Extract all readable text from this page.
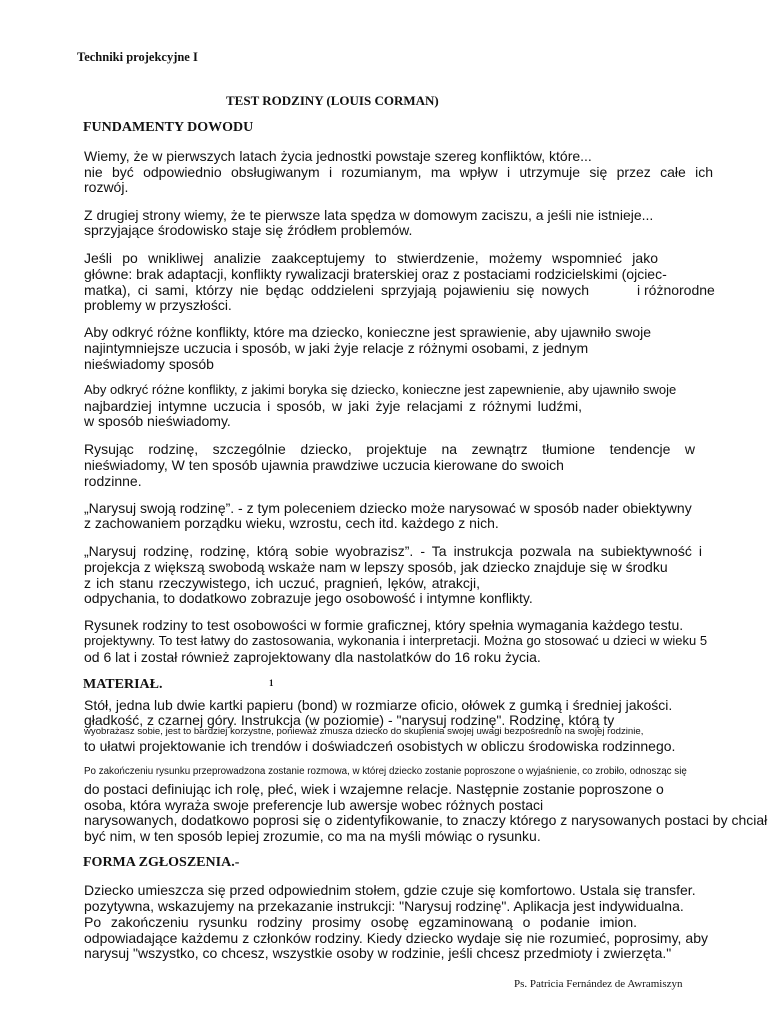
Techniki projekcyjne I
TEST RODZINY (LOUIS CORMAN)
FUNDAMENTY DOWODU
Wiemy, że w pierwszych latach życia jednostki powstaje szereg konfliktów, które...
nie być odpowiednio obsługiwanym i rozumianym, ma wpływ i utrzymuje się przez całe ich
rozwój.
Z drugiej strony wiemy, że te pierwsze lata spędza w domowym zaciszu, a jeśli nie istnieje...
sprzyjające środowisko staje się źródłem problemów.
Jeśli po wnikliwej analizie zaakceptujemy to stwierdzenie, możemy wspomnieć jako
główne: brak adaptacji, konflikty rywalizacji braterskiej oraz z postaciami rodzicielskimi (ojciec-
matka), ci sami, którzy nie będąc oddzieleni sprzyjają pojawieniu się nowych	i różnorodne
problemy w przyszłości.
Aby odkryć różne konflikty, które ma dziecko, konieczne jest sprawienie, aby ujawniło swoje
najintymniejsze uczucia i sposób, w jaki żyje relacje z różnymi osobami, z jednym
nieświadomy sposób
Aby odkryć różne konflikty, z jakimi boryka się dziecko, konieczne jest zapewnienie, aby ujawniło swoje
najbardziej intymne uczucia i sposób, w jaki żyje relacjami z różnymi ludźmi,
w sposób nieświadomy.
Rysując rodzinę, szczególnie dziecko, projektuje na zewnątrz tłumione tendencje w
nieświadomy, W ten sposób ujawnia prawdziwe uczucia kierowane do swoich
rodzinne.
„Narysuj swoją rodzinę”. - z tym poleceniem dziecko może narysować w sposób nader obiektywny
z zachowaniem porządku wieku, wzrostu, cech itd. każdego z nich.
„Narysuj rodzinę, rodzinę, którą sobie wyobrazisz”. - Ta instrukcja pozwala na subiektywność i
projekcja z większą swobodą wskaże nam w lepszy sposób, jak dziecko znajduje się w środku
z ich stanu rzeczywistego, ich uczuć, pragnień, lęków, atrakcji,
odpychania, to dodatkowo zobrazuje jego osobowość i intymne konflikty.
Rysunek rodziny to test osobowości w formie graficznej, który spełnia wymagania każdego testu.
projektywny. To test łatwy do zastosowania, wykonania i interpretacji. Można go stosować u dzieci w wieku 5
od 6 lat i został również zaprojektowany dla nastolatków do 16 roku życia.
MATERIAŁ.	1
Stół, jedna lub dwie kartki papieru (bond) w rozmiarze oficio, ołówek z gumką i średniej jakości.
gładkość, z czarnej góry. Instrukcja (w poziomie) - "narysuj rodzinę". Rodzinę, którą ty
wyobrażasz sobie, jest to bardziej korzystne, ponieważ zmusza dziecko do skupienia swojej uwagi bezpośrednio na swojej rodzinie,
to ułatwi projektowanie ich trendów i doświadczeń osobistych w obliczu środowiska rodzinnego.
Po zakończeniu rysunku przeprowadzona zostanie rozmowa, w której dziecko zostanie poproszone o wyjaśnienie, co zrobiło, odnosząc się
do postaci definiując ich rolę, płeć, wiek i wzajemne relacje. Następnie zostanie poproszone o
osoba, która wyraża swoje preferencje lub awersje wobec różnych postaci
narysowanych, dodatkowo poprosi się o zidentyfikowanie, to znaczy którego z narysowanych postaci by chciał
być nim, w ten sposób lepiej zrozumie, co ma na myśli mówiąc o rysunku.
FORMA ZGŁOSZENIA.-
Dziecko umieszcza się przed odpowiednim stołem, gdzie czuje się komfortowo. Ustala się transfer.
pozytywna, wskazujemy na przekazanie instrukcji: "Narysuj rodzinę". Aplikacja jest indywidualna.
Po zakończeniu rysunku rodziny prosimy osobę egzaminowaną o podanie imion.
odpowiadające każdemu z członków rodziny. Kiedy dziecko wydaje się nie rozumieć, poprosimy, aby
narysuj "wszystko, co chcesz, wszystkie osoby w rodzinie, jeśli chcesz przedmioty i zwierzęta."
Ps. Patricia Fernández de Awramiszyn
